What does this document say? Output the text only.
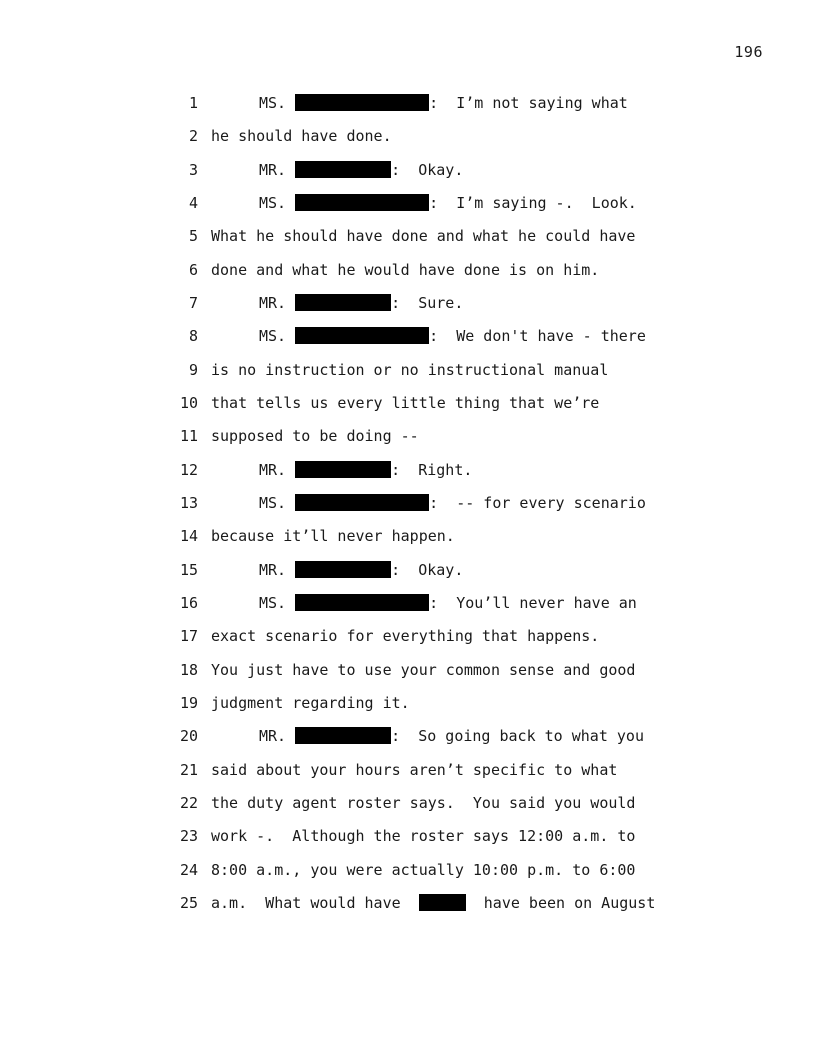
196
1	MS.	:  I’m not saying what
2 he should have done.
3	MR.	:  Okay.
4	MS.	:  I’m saying -.  Look.
5 What he should have done and what he could have
6 done and what he would have done is on him.
7	MR.	:  Sure.
8	MS.	:  We don't have - there
9 is no instruction or no instructional manual
10 that tells us every little thing that we’re
11 supposed to be doing --
12	MR.	:  Right.
13	MS.	:  -- for every scenario
14 because it’ll never happen.
15	MR.	:  Okay.
16	MS.	:  You’ll never have an
17 exact scenario for everything that happens.
18 You just have to use your common sense and good
19 judgment regarding it.
20	MR.	:  So going back to what you
21 said about your hours aren’t specific to what
22 the duty agent roster says.  You said you would
23 work -.  Although the roster says 12:00 a.m. to
24 8:00 a.m., you were actually 10:00 p.m. to 6:00
25 a.m.  What would have	have been on August
